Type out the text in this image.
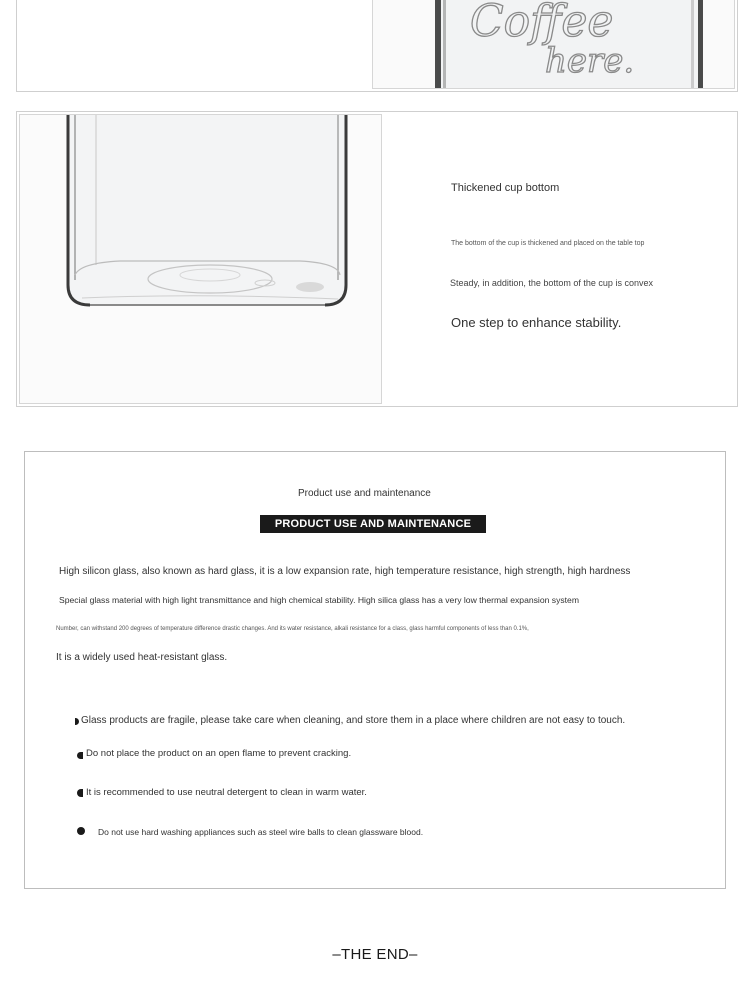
Coffee
here.
Thickened cup bottom
The bottom of the cup is thickened and placed on the table top
Steady, in addition, the bottom of the cup is convex
One step to enhance stability.
Product use and maintenance
PRODUCT USE AND MAINTENANCE
High silicon glass, also known as hard glass, it is a low expansion rate, high temperature resistance, high strength, high hardness
Special glass material with high light transmittance and high chemical stability. High silica glass has a very low thermal expansion system
Number, can withstand 200 degrees of temperature difference drastic changes. And its water resistance, alkali resistance for a class, glass harmful components of less than 0.1%,
It is a widely used heat-resistant glass.
Glass products are fragile, please take care when cleaning, and store them in a place where children are not easy to touch.
Do not place the product on an open flame to prevent cracking.
It is recommended to use neutral detergent to clean in warm water.
Do not use hard washing appliances such as steel wire balls to clean glassware blood.
–THE END–
